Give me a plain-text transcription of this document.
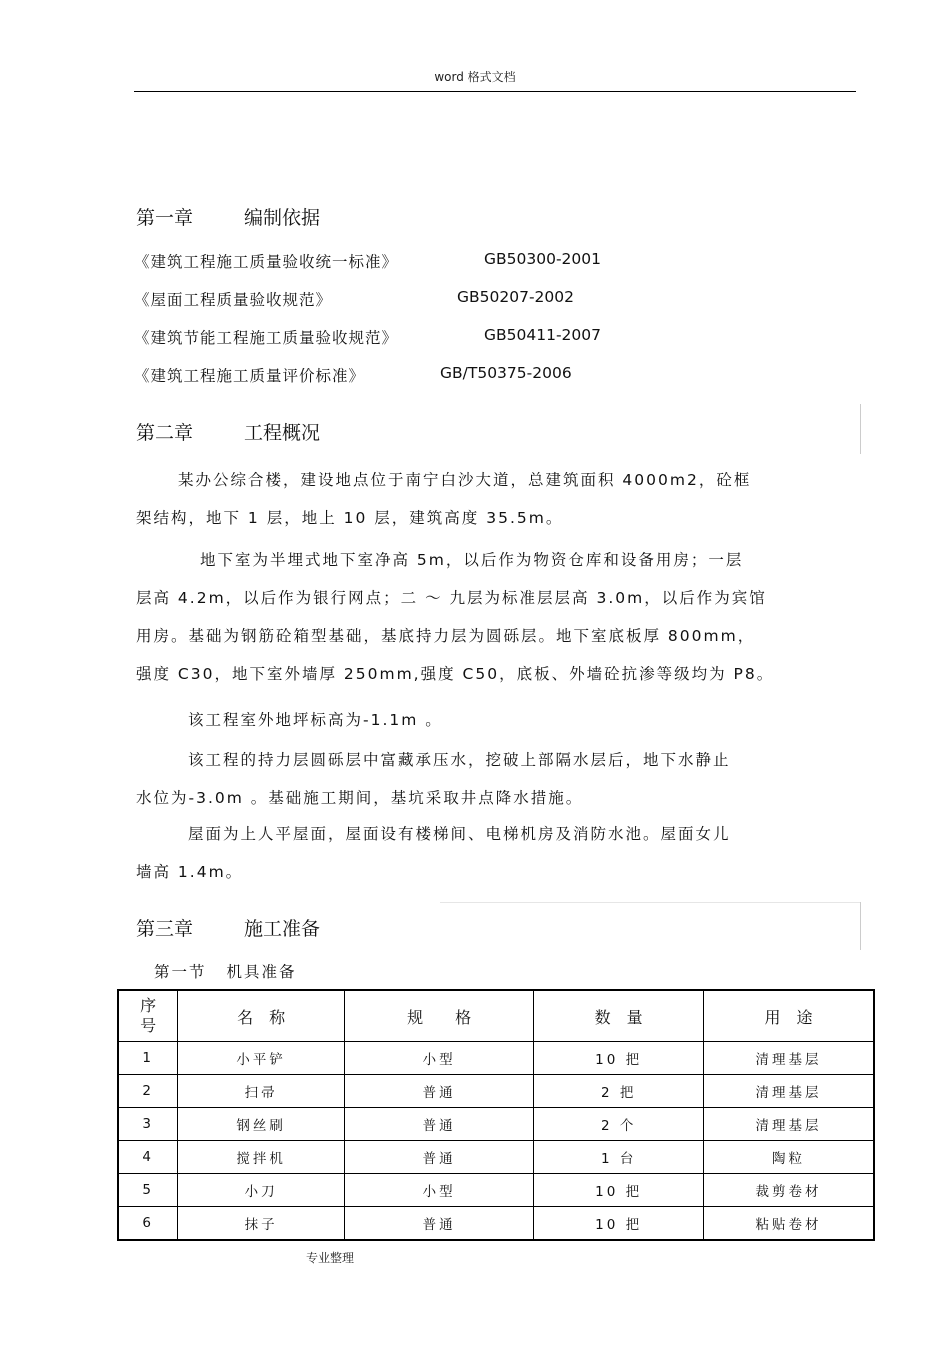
word 格式文档
第一章	编制依据
《建筑工程施工质量验收统一标准》	GB50300-2001
《屋面工程质量验收规范》	GB50207-2002
《建筑节能工程施工质量验收规范》	GB50411-2007
《建筑工程施工质量评价标准》	GB/T50375-2006
第二章	工程概况
某办公综合楼，建设地点位于南宁白沙大道，总建筑面积 4000m2，砼框
架结构，地下 1 层，地上 10 层，建筑高度 35.5m。
地下室为半埋式地下室净高 5m，以后作为物资仓库和设备用房；一层
层高 4.2m，以后作为银行网点；二 ～ 九层为标准层层高 3.0m，以后作为宾馆
用房。基础为钢筋砼箱型基础，基底持力层为圆砾层。地下室底板厚 800mm，
强度 C30，地下室外墙厚 250mm,强度 C50，底板、外墙砼抗渗等级均为 P8。
该工程室外地坪标高为-1.1m 。
该工程的持力层圆砾层中富藏承压水，挖破上部隔水层后，地下水静止
水位为-3.0m 。基础施工期间，基坑采取井点降水措施。
屋面为上人平屋面，屋面设有楼梯间、电梯机房及消防水池。屋面女儿
墙高 1.4m。
第三章	施工准备
第一节 机具准备
序
号	名　称	规　　格	数　量	用　途
1	小平铲	小型	10 把	清理基层
2	扫帚	普通	2 把	清理基层
3	钢丝刷	普通	2 个	清理基层
4	搅拌机	普通	1 台	陶粒
5	小刀	小型	10 把	裁剪卷材
6	抹子	普通	10 把	粘贴卷材
专业整理
